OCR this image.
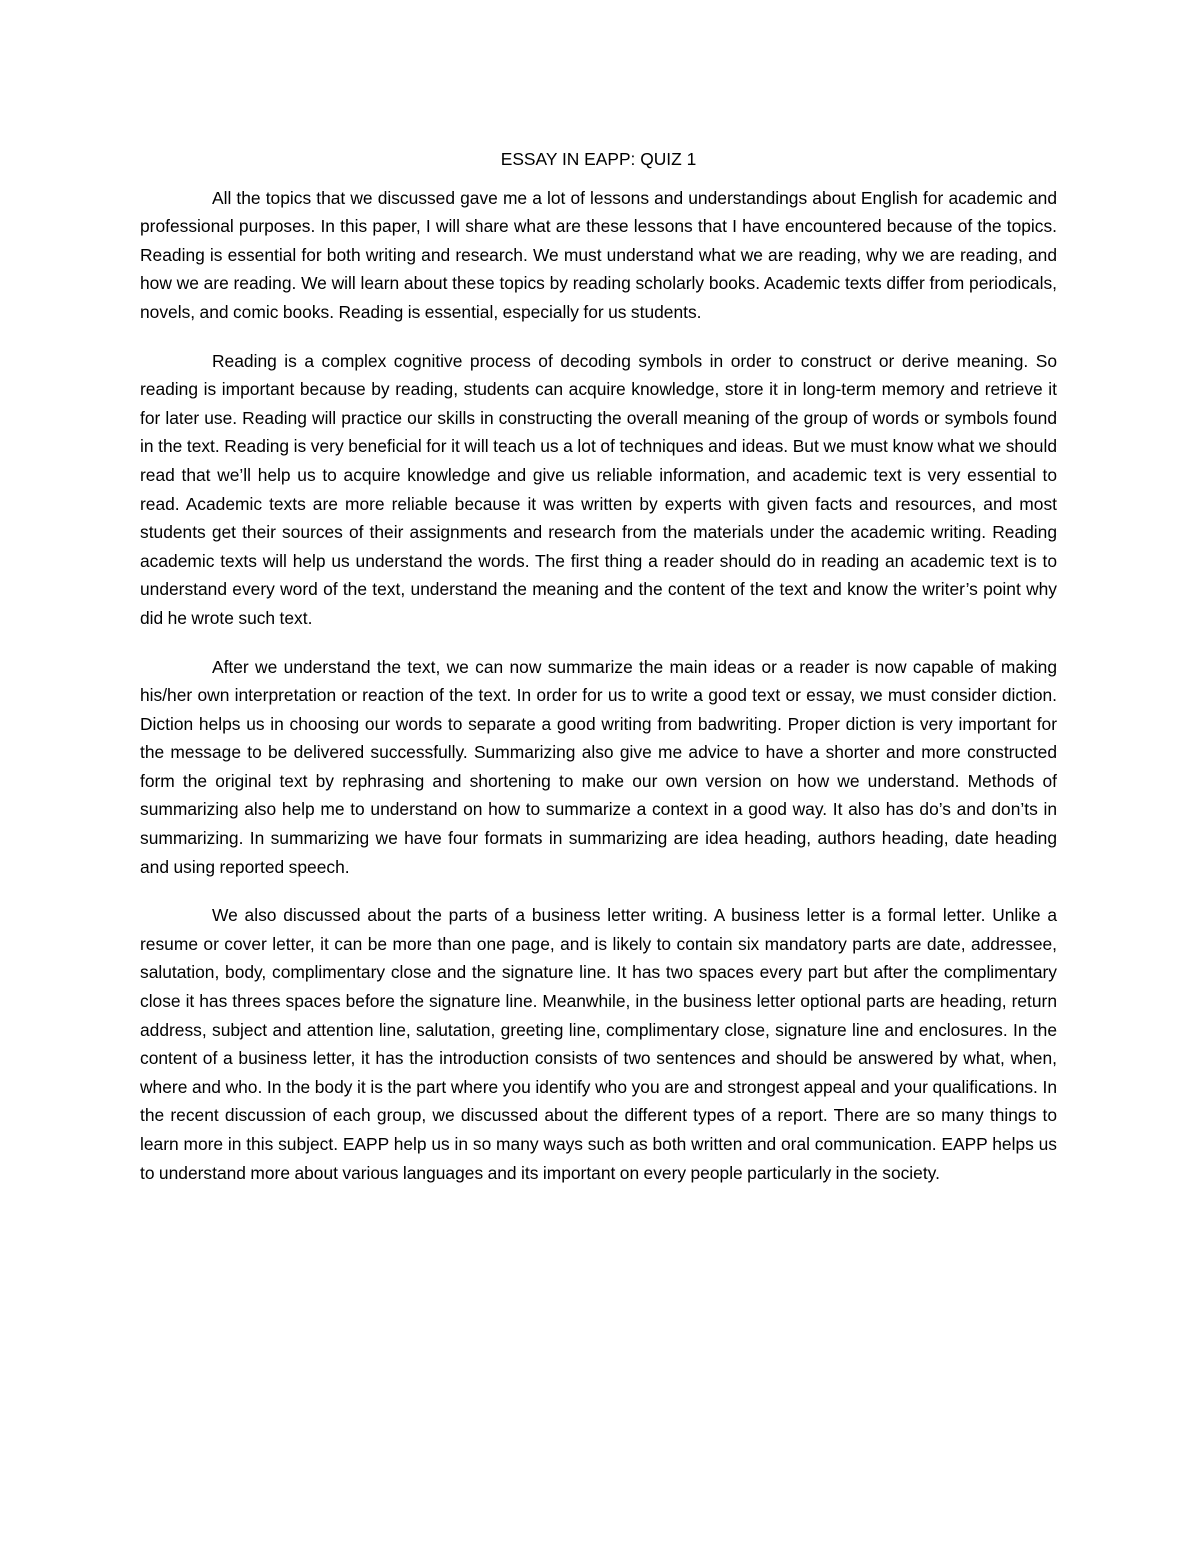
ESSAY IN EAPP: QUIZ 1

All the topics that we discussed gave me a lot of lessons and understandings about English for academic and professional purposes. In this paper, I will share what are these lessons that I have encountered because of the topics. Reading is essential for both writing and research. We must understand what we are reading, why we are reading, and how we are reading. We will learn about these topics by reading scholarly books. Academic texts differ from periodicals, novels, and comic books. Reading is essential, especially for us students.

Reading is a complex cognitive process of decoding symbols in order to construct or derive meaning. So reading is important because by reading, students can acquire knowledge, store it in long-term memory and retrieve it for later use. Reading will practice our skills in constructing the overall meaning of the group of words or symbols found in the text. Reading is very beneficial for it will teach us a lot of techniques and ideas. But we must know what we should read that we’ll help us to acquire knowledge and give us reliable information, and academic text is very essential to read. Academic texts are more reliable because it was written by experts with given facts and resources, and most students get their sources of their assignments and research from the materials under the academic writing. Reading academic texts will help us understand the words. The first thing a reader should do in reading an academic text is to understand every word of the text, understand the meaning and the content of the text and know the writer’s point why did he wrote such text.

After we understand the text, we can now summarize the main ideas or a reader is now capable of making his/her own interpretation or reaction of the text. In order for us to write a good text or essay, we must consider diction. Diction helps us in choosing our words to separate a good writing from badwriting. Proper diction is very important for the message to be delivered successfully. Summarizing also give me advice to have a shorter and more constructed form the original text by rephrasing and shortening to make our own version on how we understand. Methods of summarizing also help me to understand on how to summarize a context in a good way. It also has do’s and don’ts in summarizing. In summarizing we have four formats in summarizing are idea heading, authors heading, date heading and using reported speech.

We also discussed about the parts of a business letter writing. A business letter is a formal letter. Unlike a resume or cover letter, it can be more than one page, and is likely to contain six mandatory parts are date, addressee, salutation, body, complimentary close and the signature line. It has two spaces every part but after the complimentary close it has threes spaces before the signature line. Meanwhile, in the business letter optional parts are heading, return address, subject and attention line, salutation, greeting line, complimentary close, signature line and enclosures. In the content of a business letter, it has the introduction consists of two sentences and should be answered by what, when, where and who. In the body it is the part where you identify who you are and strongest appeal and your qualifications. In the recent discussion of each group, we discussed about the different types of a report. There are so many things to learn more in this subject. EAPP help us in so many ways such as both written and oral communication. EAPP helps us to understand more about various languages and its important on every people particularly in the society.
